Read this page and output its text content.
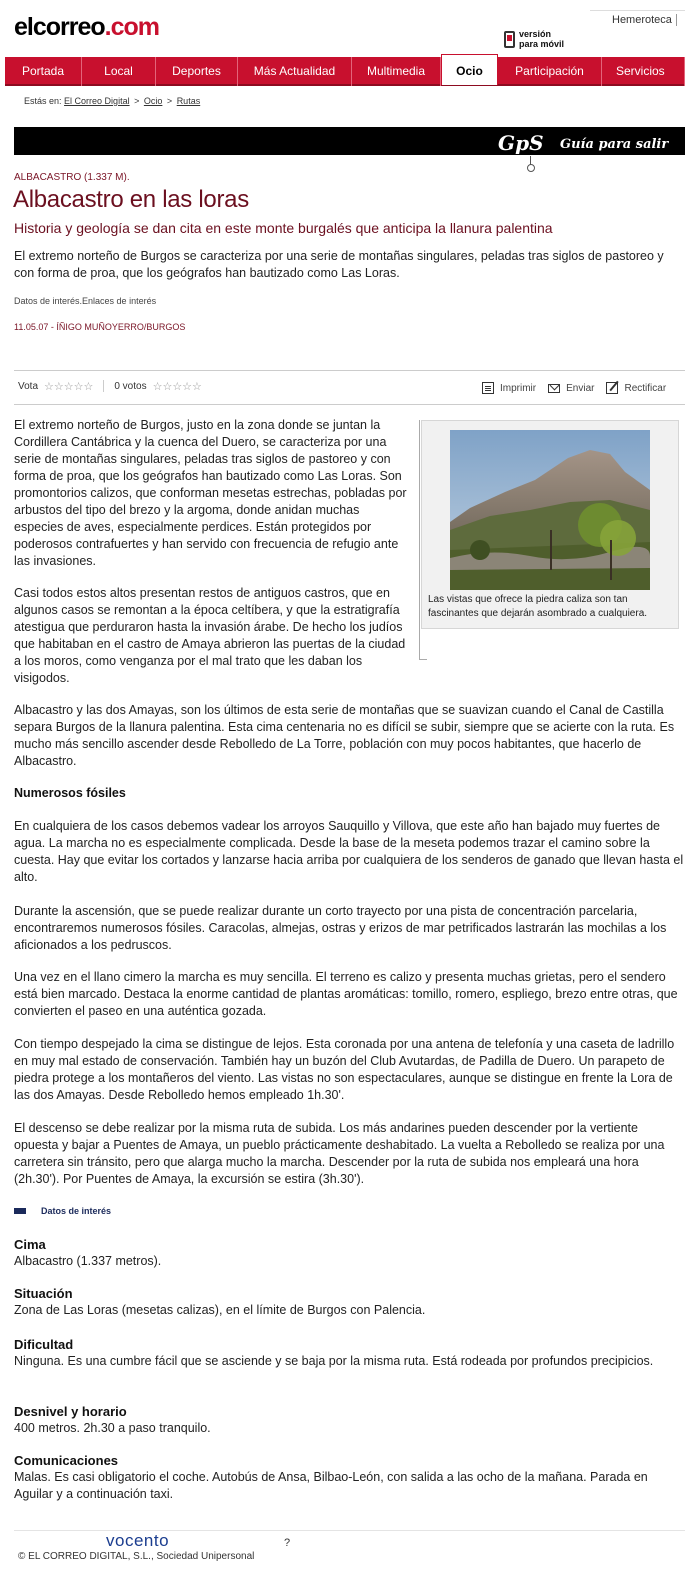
elcorreo.com	Hemeroteca
versión
para móvil
Portada	Local	Deportes	Más Actualidad	Multimedia	Ocio	Participación	Servicios
Estás en: El Correo Digital > Ocio > Rutas
GpS Guía para salir
ALBACASTRO (1.337 M).
Albacastro en las loras
Historia y geología se dan cita en este monte burgalés que anticipa la llanura palentina

El extremo norteño de Burgos se caracteriza por una serie de montañas singulares, peladas tras siglos de pastoreo y con forma de proa, que los geógrafos han bautizado como Las Loras.

Datos de interés.Enlaces de interés
11.05.07 - ÍÑIGO MUÑOYERRO/BURGOS
Vota ☆☆☆☆☆ 0 votos ☆☆☆☆☆	Imprimir	Enviar	Rectificar
Las vistas que ofrece la piedra caliza son tan fascinantes que dejarán asombrado a cualquiera.

El extremo norteño de Burgos, justo en la zona donde se juntan la Cordillera Cantábrica y la cuenca del Duero, se caracteriza por una serie de montañas singulares, peladas tras siglos de pastoreo y con forma de proa, que los geógrafos han bautizado como Las Loras. Son promontorios calizos, que conforman mesetas estrechas, pobladas por arbustos del tipo del brezo y la argoma, donde anidan muchas especies de aves, especialmente perdices. Están protegidos por poderosos contrafuertes y han servido con frecuencia de refugio ante las invasiones.

Casi todos estos altos presentan restos de antiguos castros, que en algunos casos se remontan a la época celtíbera, y que la estratigrafía atestigua que perduraron hasta la invasión árabe. De hecho los judíos que habitaban en el castro de Amaya abrieron las puertas de la ciudad a los moros, como venganza por el mal trato que les daban los visigodos.

Albacastro y las dos Amayas, son los últimos de esta serie de montañas que se suavizan cuando el Canal de Castilla separa Burgos de la llanura palentina. Esta cima centenaria no es difícil se subir, siempre que se acierte con la ruta. Es mucho más sencillo ascender desde Rebolledo de La Torre, población con muy pocos habitantes, que hacerlo de Albacastro.

Numerosos fósiles

En cualquiera de los casos debemos vadear los arroyos Sauquillo y Villova, que este año han bajado muy fuertes de agua. La marcha no es especialmente complicada. Desde la base de la meseta podemos trazar el camino sobre la cuesta. Hay que evitar los cortados y lanzarse hacia arriba por cualquiera de los senderos de ganado que llevan hasta el alto.

Durante la ascensión, que se puede realizar durante un corto trayecto por una pista de concentración parcelaria, encontraremos numerosos fósiles. Caracolas, almejas, ostras y erizos de mar petrificados lastrarán las mochilas a los aficionados a los pedruscos.

Una vez en el llano cimero la marcha es muy sencilla. El terreno es calizo y presenta muchas grietas, pero el sendero está bien marcado. Destaca la enorme cantidad de plantas aromáticas: tomillo, romero, espliego, brezo entre otras, que convierten el paseo en una auténtica gozada.

Con tiempo despejado la cima se distingue de lejos. Esta coronada por una antena de telefonía y una caseta de ladrillo en muy mal estado de conservación. También hay un buzón del Club Avutardas, de Padilla de Duero. Un parapeto de piedra protege a los montañeros del viento. Las vistas no son espectaculares, aunque se distingue en frente la Lora de las dos Amayas. Desde Rebolledo hemos empleado 1h.30'.

El descenso se debe realizar por la misma ruta de subida. Los más andarines pueden descender por la vertiente opuesta y bajar a Puentes de Amaya, un pueblo prácticamente deshabitado. La vuelta a Rebolledo se realiza por una carretera sin tránsito, pero que alarga mucho la marcha. Descender por la ruta de subida nos empleará una hora (2h.30'). Por Puentes de Amaya, la excursión se estira (3h.30').

Datos de interés
Cima

Albacastro (1.337 metros).

Situación

Zona de Las Loras (mesetas calizas), en el límite de Burgos con Palencia.

Dificultad

Ninguna. Es una cumbre fácil que se asciende y se baja por la misma ruta. Está rodeada por profundos precipicios.

Desnivel y horario

400 metros. 2h.30 a paso tranquilo.

Comunicaciones

Malas. Es casi obligatorio el coche. Autobús de Ansa, Bilbao-León, con salida a las ocho de la mañana. Parada en Aguilar y a continuación taxi.

vocento	?
© EL CORREO DIGITAL, S.L., Sociedad Unipersonal
